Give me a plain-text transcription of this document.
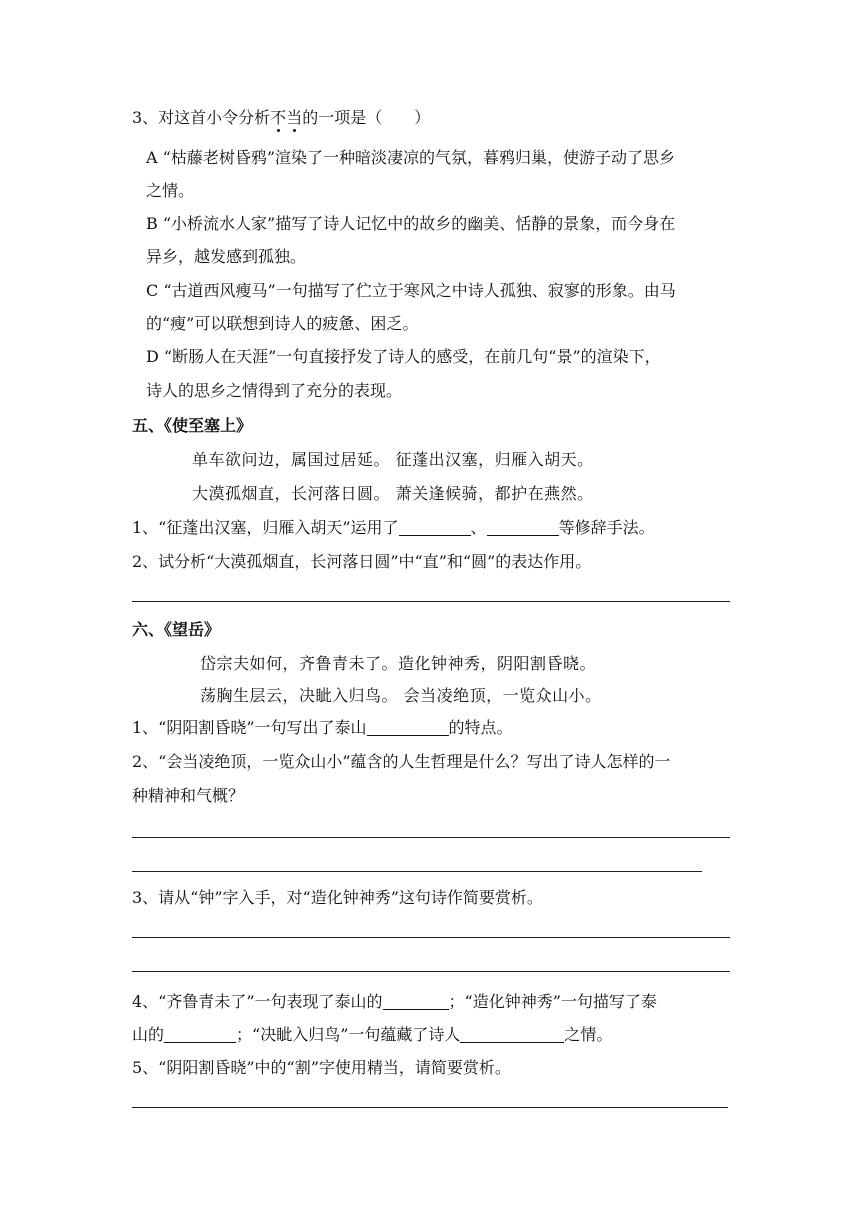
3、对这首小令分析不当的一项是（　　）
A “枯藤老树昏鸦”渲染了一种暗淡凄凉的气氛，暮鸦归巢，使游子动了思乡
之情。
B “小桥流水人家”描写了诗人记忆中的故乡的幽美、恬静的景象，而今身在
异乡，越发感到孤独。
C “古道西风瘦马”一句描写了伫立于寒风之中诗人孤独、寂寥的形象。由马
的“瘦”可以联想到诗人的疲惫、困乏。
D “断肠人在天涯”一句直接抒发了诗人的感受，在前几句“景”的渲染下，
诗人的思乡之情得到了充分的表现。
五、《使至塞上》
单车欲问边，属国过居延。 征蓬出汉塞，归雁入胡天。
大漠孤烟直，长河落日圆。 萧关逢候骑，都护在燕然。
1、“征蓬出汉塞，归雁入胡天”运用了	、	等修辞手法。
2、试分析“大漠孤烟直，长河落日圆”中“直”和“圆”的表达作用。
六、《望岳》
岱宗夫如何，齐鲁青未了。造化钟神秀，阴阳割昏晓。
荡胸生层云，决眦入归鸟。 会当凌绝顶，一览众山小。
1、“阴阳割昏晓”一句写出了泰山	的特点。
2、“会当凌绝顶，一览众山小”蕴含的人生哲理是什么？写出了诗人怎样的一
种精神和气概？
3、请从“钟”字入手，对“造化钟神秀”这句诗作简要赏析。
4、“齐鲁青未了”一句表现了泰山的	；“造化钟神秀”一句描写了泰
山的	；“决眦入归鸟”一句蕴藏了诗人	之情。
5、“阴阳割昏晓”中的“割”字使用精当，请简要赏析。
